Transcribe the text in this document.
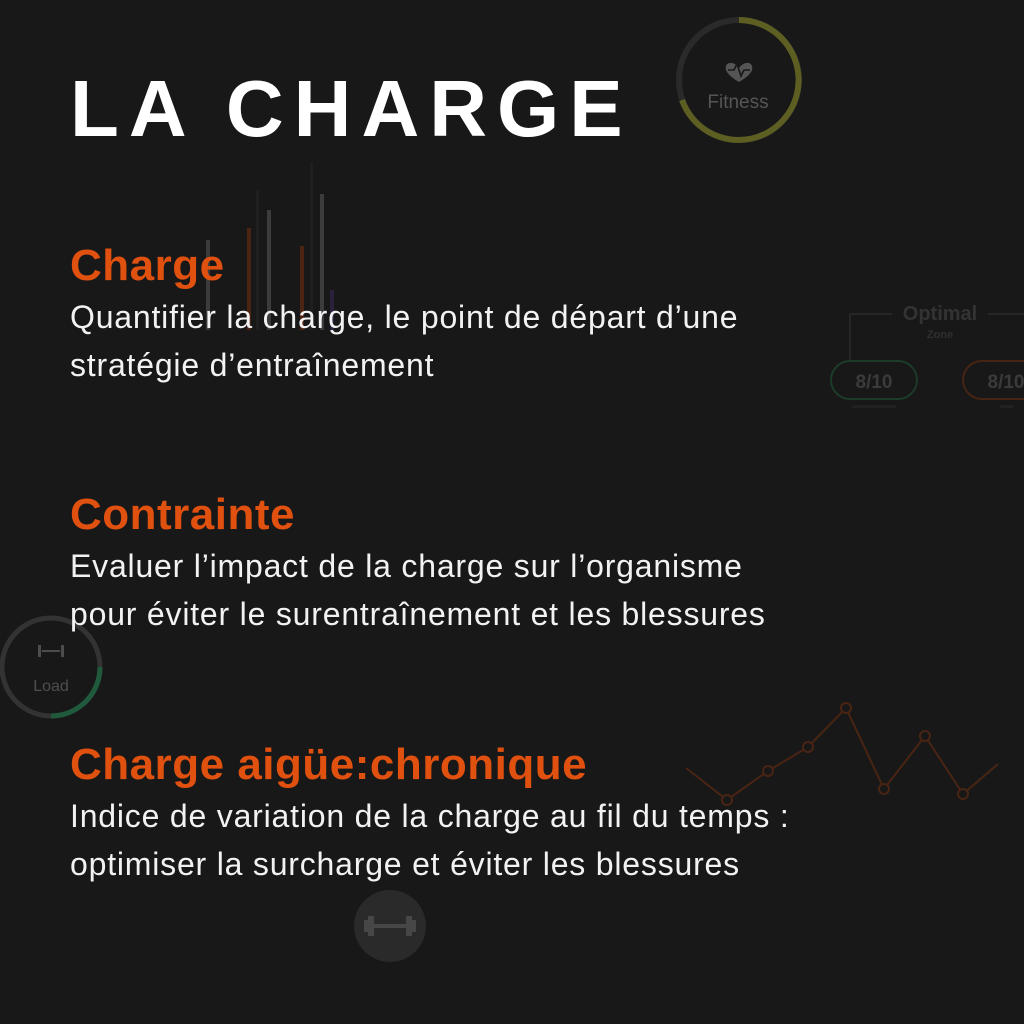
Fitness
Optimal
Zone
8/10	8/10
Load
LA CHARGE
Charge

Quantifier la charge, le point de départ d’une
stratégie d’entraînement

Contrainte

Evaluer l’impact de la charge sur l’organisme
pour éviter le surentraînement et les blessures

Charge aigüe:chronique

Indice de variation de la charge au fil du temps :
optimiser la surcharge et éviter les blessures
